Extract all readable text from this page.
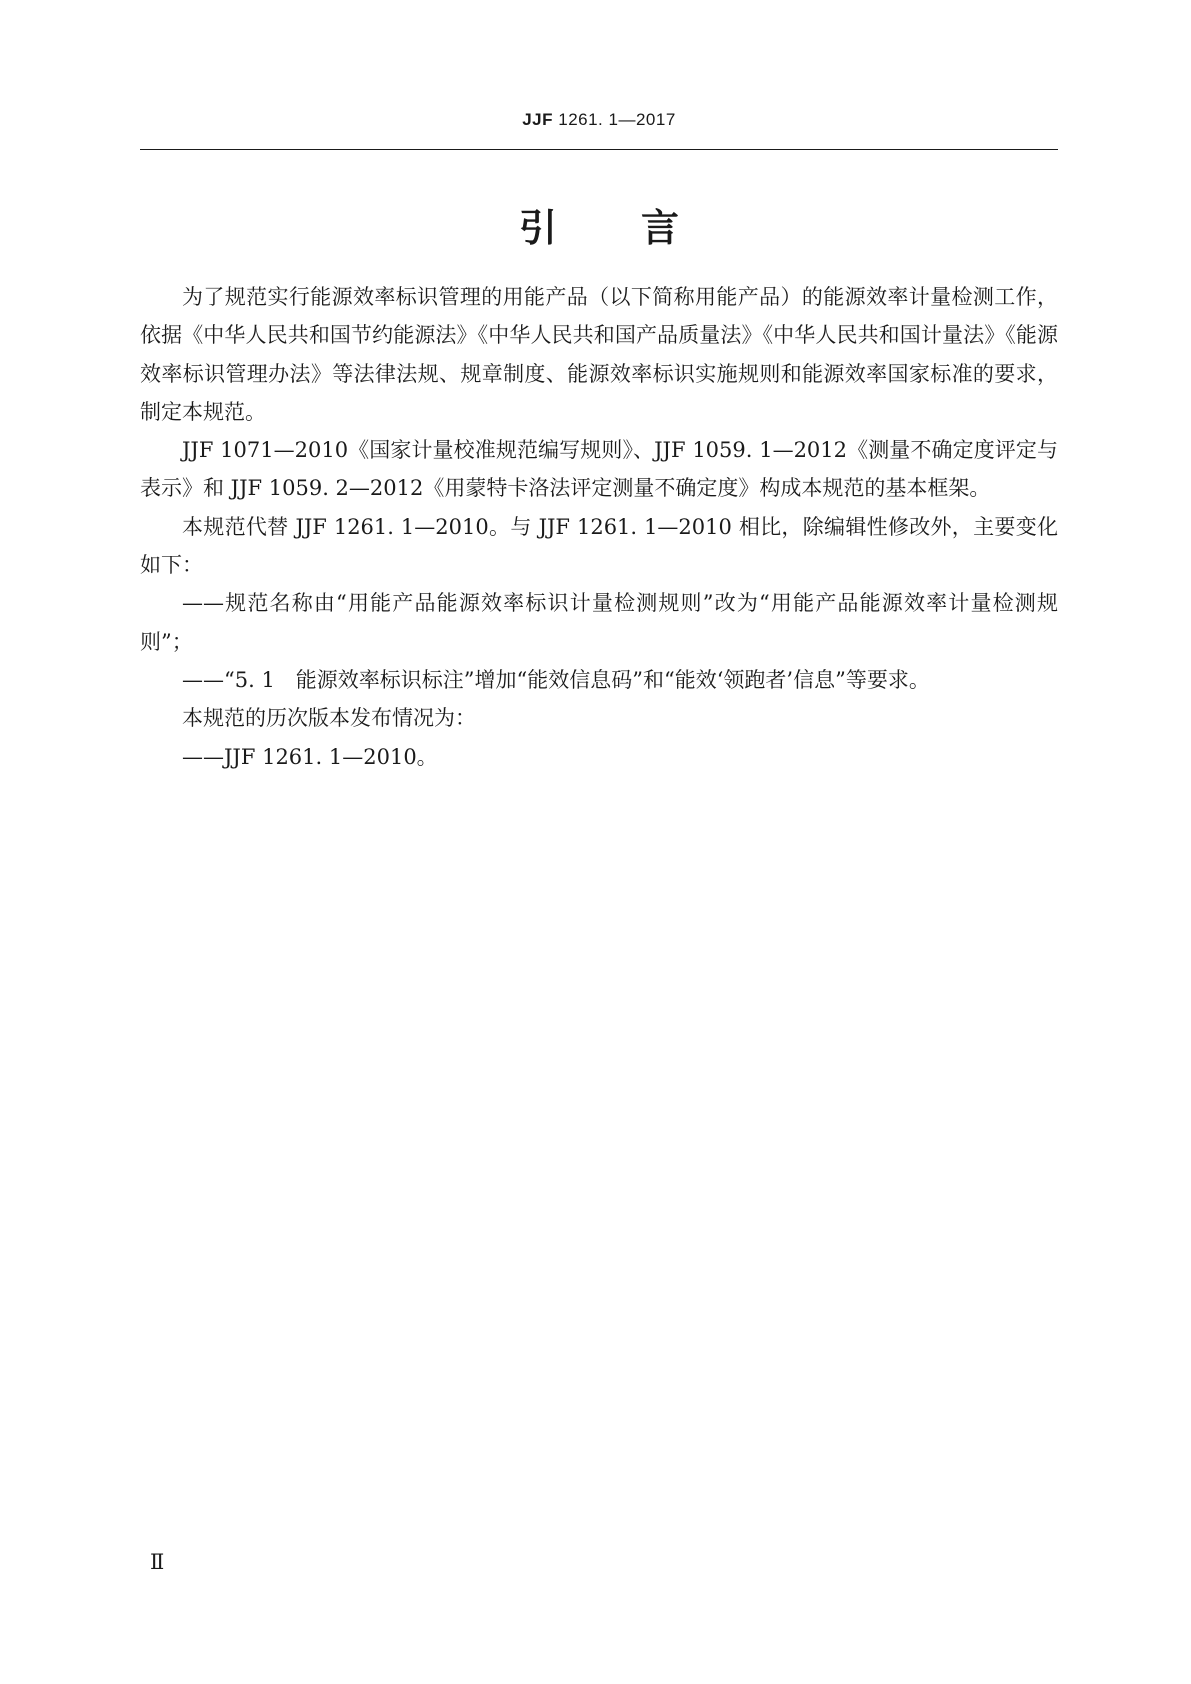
JJF 1261. 1—2017
引言

为了规范实行能源效率标识管理的用能产品（以下简称用能产品）的能源效率计量检测工作，依据《中华人民共和国节约能源法》《中华人民共和国产品质量法》《中华人民共和国计量法》《能源效率标识管理办法》等法律法规、规章制度、能源效率标识实施规则和能源效率国家标准的要求，制定本规范。

JJF 1071—2010《国家计量校准规范编写规则》、JJF 1059. 1—2012《测量不确定度评定与表示》和 JJF 1059. 2—2012《用蒙特卡洛法评定测量不确定度》构成本规范的基本框架。

本规范代替 JJF 1261. 1—2010。与 JJF 1261. 1—2010 相比，除编辑性修改外，主要变化如下：

——规范名称由“用能产品能源效率标识计量检测规则”改为“用能产品能源效率计量检测规则”；

——“5. 1　能源效率标识标注”增加“能效信息码”和“能效‘领跑者’信息”等要求。

本规范的历次版本发布情况为：

——JJF 1261. 1—2010。

Ⅱ
